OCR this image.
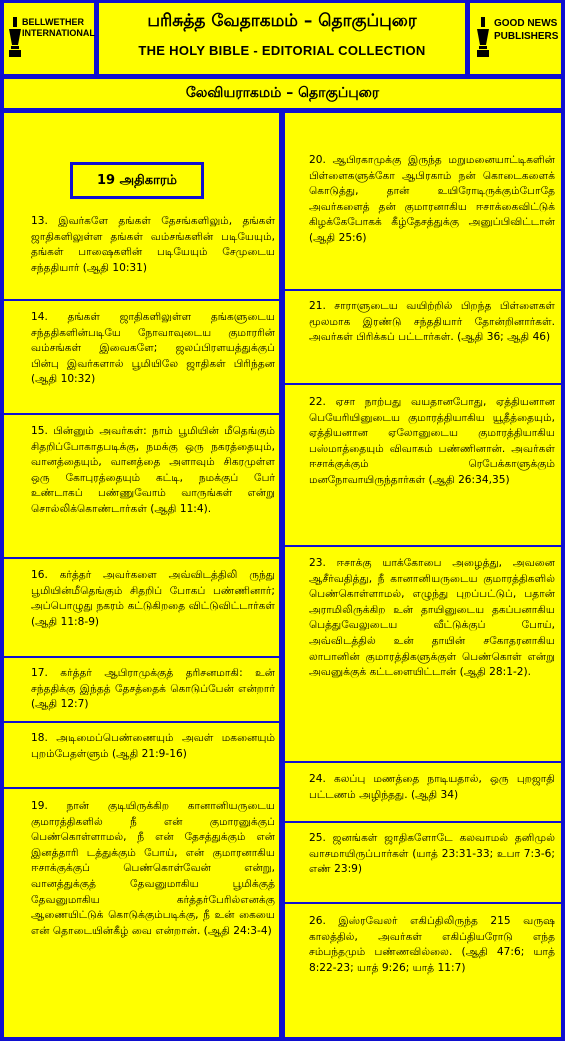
BELLWETHER INTERNATIONAL
பரிசுத்த வேதாகமம் – தொகுப்புரை
THE HOLY BIBLE - EDITORIAL COLLECTION
GOOD NEWS PUBLISHERS
லேவியராகமம் – தொகுப்புரை
19 அதிகாரம்
13. இவர்களே தங்கள் தேசங்களிலும், தங்கள் ஜாதிகளிலுள்ள தங்கள் வம்சங்களின் படியேயும், தங்கள் பாஷைகளின் படியேயும் சேமுடைய சந்ததியார் (ஆதி 10:31)
14. தங்கள் ஜாதிகளிலுள்ள தங்களுடைய சந்ததிகளின்படியே நோவாவுடைய குமாரரின் வம்சங்கள் இவைகளே; ஜலப்பிரளயத்துக்குப் பின்பு இவர்களால் பூமியிலே ஜாதிகள் பிரிந்தன (ஆதி 10:32)
15. பின்னும் அவர்கள்: நாம் பூமியின் மீதெங்கும் சிதறிப்போகாதபடிக்கு, நமக்கு ஒரு நகரத்தையும், வானத்தையும், வானத்தை அளாவும் சிகரமுள்ள ஒரு கோபுரத்தையும் கட்டி, நமக்குப் பேர் உண்டாகப் பண்ணுவோம் வாருங்கள் என்று சொல்லிக்கொண்டார்கள் (ஆதி 11:4).
16. கர்த்தர் அவர்களை அவ்விடத்திலி ருந்து பூமியின்மீதெங்கும் சிதறிப் போகப் பண்ணினார்; அப்பொழுது நகரம் கட்டுகிறதை விட்டுவிட்டார்கள் (ஆதி 11:8-9)
17. கர்த்தர் ஆபிராமுக்குத் தரிசனமாகி: உன் சந்ததிக்கு இந்தத் தேசத்தைக் கொடுப்பேன் என்றார் (ஆதி 12:7)
18. அடிமைப்பெண்ணையும் அவள் மகனையும் புறம்பேதள்ளும் (ஆதி 21:9-16)
19. நான் குடியிருக்கிற கானானியருடைய குமாரத்திகளில் நீ என் குமாரனுக்குப் பெண்கொள்ளாமல், நீ என் தேசத்துக்கும் என் இனத்தாரி டத்துக்கும் போய், என் குமாரனாகிய ஈசாக்குக்குப் பெண்கொள்வேன் என்று, வானத்துக்குத் தேவனுமாகிய பூமிக்குத் தேவனுமாகிய கர்த்தர்பேரில்எனக்கு ஆணையிட்டுக் கொடுக்கும்படிக்கு, நீ உன் கையை என் தொடையின்கீழ் வை என்றான். (ஆதி 24:3-4)
20. ஆபிரகாமுக்கு இருந்த மறுமனையாட்டிகளின் பிள்ளைகளுக்கோ ஆபிரகாம் நன் கொடைகளைக் கொடுத்து, தான் உயிரோடிருக்கும்போதே அவர்களைத் தன் குமாரனாகிய ஈசாக்கைவிட்டுக் கிழக்கேபோகக் கீழ்தேசத்துக்கு அனுப்பிவிட்டான் (ஆதி 25:6)
21. சாராளுடைய வயிற்றில் பிறந்த பிள்ளைகள் மூலமாக இரண்டு சந்ததியார் தோன்றினார்கள். அவர்கள் பிரிக்கப் பட்டார்கள். (ஆதி 36; ஆதி 46)
22. ஏசா நாற்பது வயதானபோது, ஏத்தியனான பெயேரியினுடைய குமாரத்தியாகிய யூதீத்தையும், ஏத்தியனான ஏலோனுடைய குமாரத்தியாகிய பஸ்மாத்தையும் விவாகம் பண்ணினான். அவர்கள் ஈசாக்குக்கும் ரெபேக்காளுக்கும் மனநோவாயிருந்தார்கள் (ஆதி 26:34,35)
23. ஈசாக்கு யாக்கோபை அழைத்து, அவனை ஆசீர்வதித்து, நீ கானானியருடைய குமாரத்திகளில் பெண்கொள்ளாமல், எழுந்து புறப்பட்டுப், பதான் அராமிலிருக்கிற உன் தாயினுடைய தகப்பனாகிய பெத்துவேலுடைய வீட்டுக்குப் போய், அவ்விடத்தில் உன் தாயின் சகோதரனாகிய லாபானின் குமாரத்திகளுக்குள் பெண்கொள் என்று அவனுக்குக் கட்டளையிட்டான் (ஆதி 28:1-2).
24. கலப்பு மணத்தை நாடியதால், ஒரு புறஜாதி பட்டணம் அழிந்தது. (ஆதி 34)
25. ஜனங்கள் ஜாதிகளோடே கலவாமல் தனிமுல் வாசமாயிருப்பார்கள் (யாத் 23:31-33; உபா 7:3-6; எண் 23:9)
26. இஸ்ரவேலர் எகிப்திலிருந்த 215 வருஷ காலத்தில், அவர்கள் எகிப்தியரோடு எந்த சம்பந்தமும் பண்ணவில்லை. (ஆதி 47:6; யாத் 8:22-23; யாத் 9:26; யாத் 11:7)
